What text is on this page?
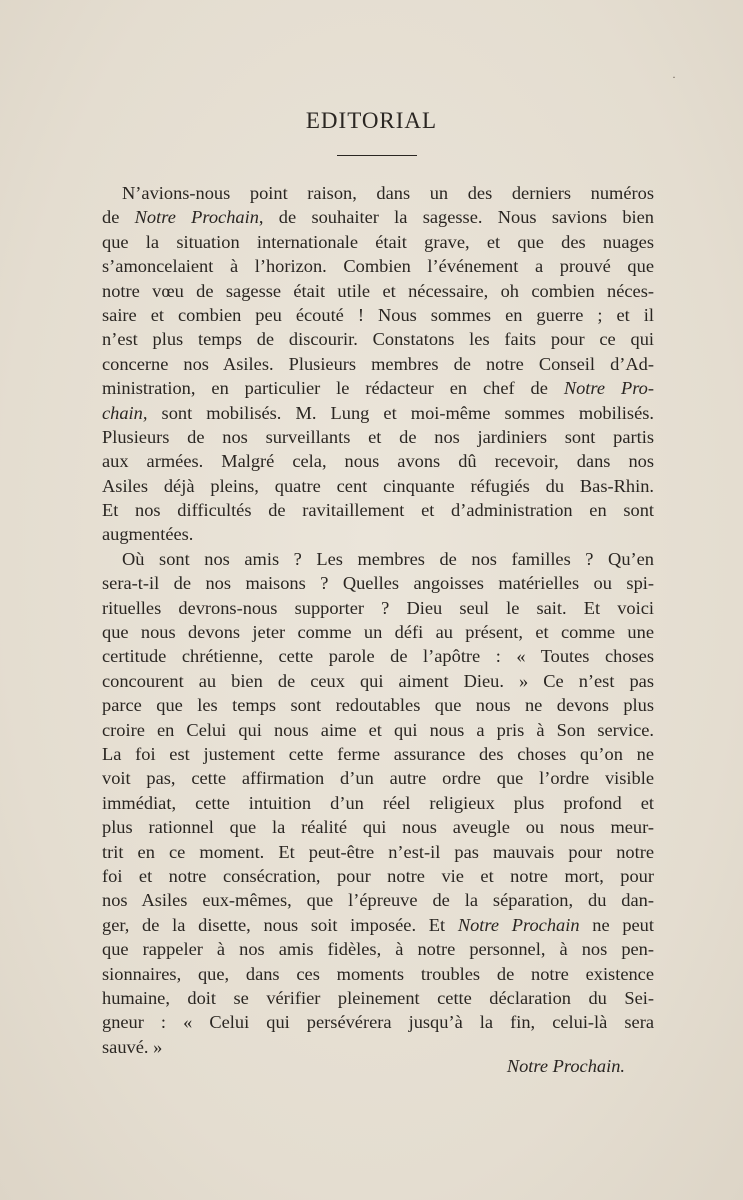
EDITORIAL
N’avions-nous point raison, dans un des derniers numéros
de Notre Prochain, de souhaiter la sagesse. Nous savions bien
que la situation internationale était grave, et que des nuages
s’amoncelaient à l’horizon. Combien l’événement a prouvé que
notre vœu de sagesse était utile et nécessaire, oh combien néces-
saire et combien peu écouté ! Nous sommes en guerre ; et il
n’est plus temps de discourir. Constatons les faits pour ce qui
concerne nos Asiles. Plusieurs membres de notre Conseil d’Ad-
ministration, en particulier le rédacteur en chef de Notre Pro-
chain, sont mobilisés. M. Lung et moi-même sommes mobilisés.
Plusieurs de nos surveillants et de nos jardiniers sont partis
aux armées. Malgré cela, nous avons dû recevoir, dans nos
Asiles déjà pleins, quatre cent cinquante réfugiés du Bas-Rhin.
Et nos difficultés de ravitaillement et d’administration en sont
augmentées.
Où sont nos amis ? Les membres de nos familles ? Qu’en
sera-t-il de nos maisons ? Quelles angoisses matérielles ou spi-
rituelles devrons-nous supporter ? Dieu seul le sait. Et voici
que nous devons jeter comme un défi au présent, et comme une
certitude chrétienne, cette parole de l’apôtre : « Toutes choses
concourent au bien de ceux qui aiment Dieu. » Ce n’est pas
parce que les temps sont redoutables que nous ne devons plus
croire en Celui qui nous aime et qui nous a pris à Son service.
La foi est justement cette ferme assurance des choses qu’on ne
voit pas, cette affirmation d’un autre ordre que l’ordre visible
immédiat, cette intuition d’un réel religieux plus profond et
plus rationnel que la réalité qui nous aveugle ou nous meur-
trit en ce moment. Et peut-être n’est-il pas mauvais pour notre
foi et notre consécration, pour notre vie et notre mort, pour
nos Asiles eux-mêmes, que l’épreuve de la séparation, du dan-
ger, de la disette, nous soit imposée. Et Notre Prochain ne peut
que rappeler à nos amis fidèles, à notre personnel, à nos pen-
sionnaires, que, dans ces moments troubles de notre existence
humaine, doit se vérifier pleinement cette déclaration du Sei-
gneur : « Celui qui persévérera jusqu’à la fin, celui-là sera
sauvé. »
Notre Prochain.
·
